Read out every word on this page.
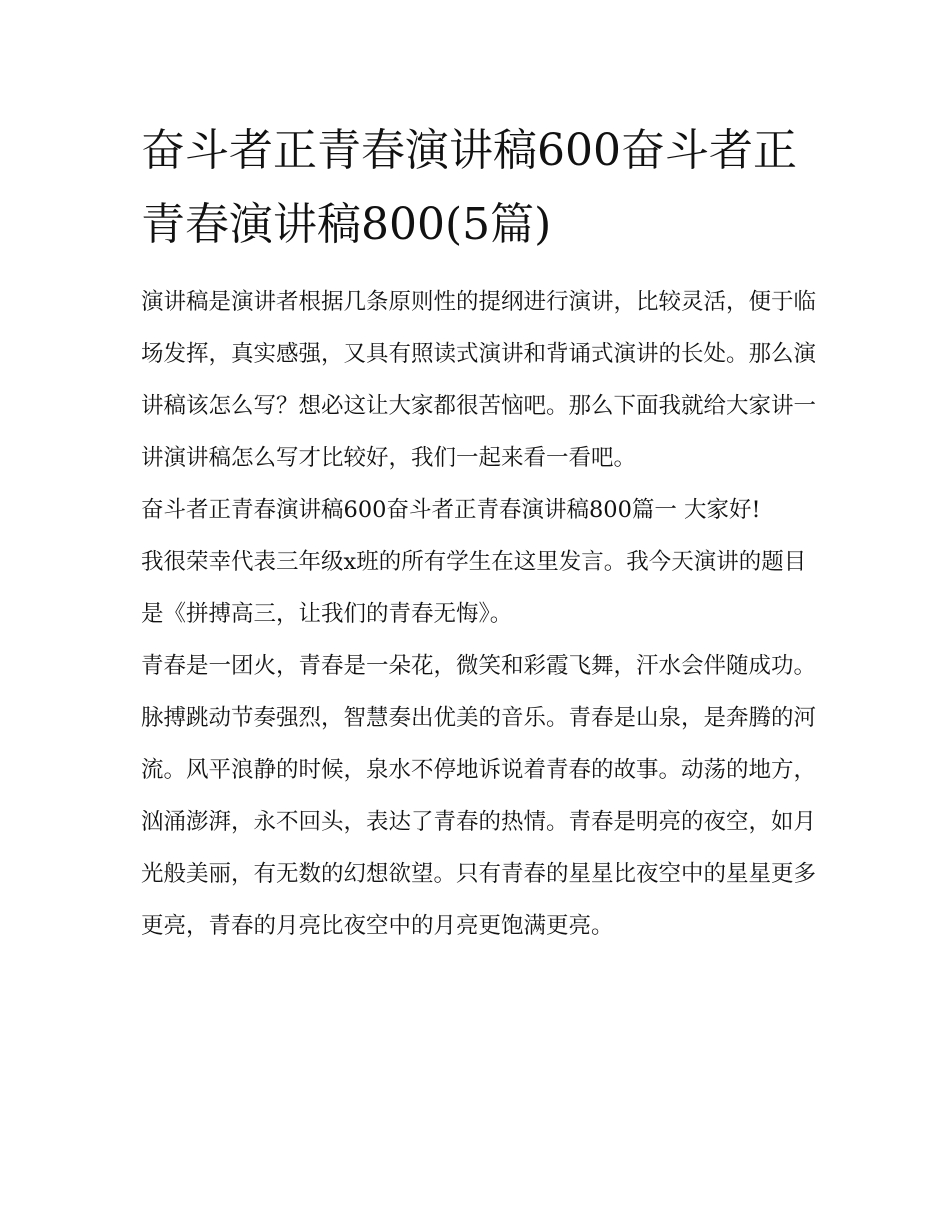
奋斗者正青春演讲稿600奋斗者正青春演讲稿800(5篇)

演讲稿是演讲者根据几条原则性的提纲进行演讲，比较灵活，便于临场发挥，真实感强，又具有照读式演讲和背诵式演讲的长处。那么演讲稿该怎么写？想必这让大家都很苦恼吧。那么下面我就给大家讲一讲演讲稿怎么写才比较好，我们一起来看一看吧。

奋斗者正青春演讲稿600奋斗者正青春演讲稿800篇一 大家好!

我很荣幸代表三年级x班的所有学生在这里发言。我今天演讲的题目是《拼搏高三，让我们的青春无悔》。

青春是一团火，青春是一朵花，微笑和彩霞飞舞，汗水会伴随成功。脉搏跳动节奏强烈，智慧奏出优美的音乐。青春是山泉，是奔腾的河流。风平浪静的时候，泉水不停地诉说着青春的故事。动荡的地方，汹涌澎湃，永不回头，表达了青春的热情。青春是明亮的夜空，如月光般美丽，有无数的幻想欲望。只有青春的星星比夜空中的星星更多更亮，青春的月亮比夜空中的月亮更饱满更亮。
